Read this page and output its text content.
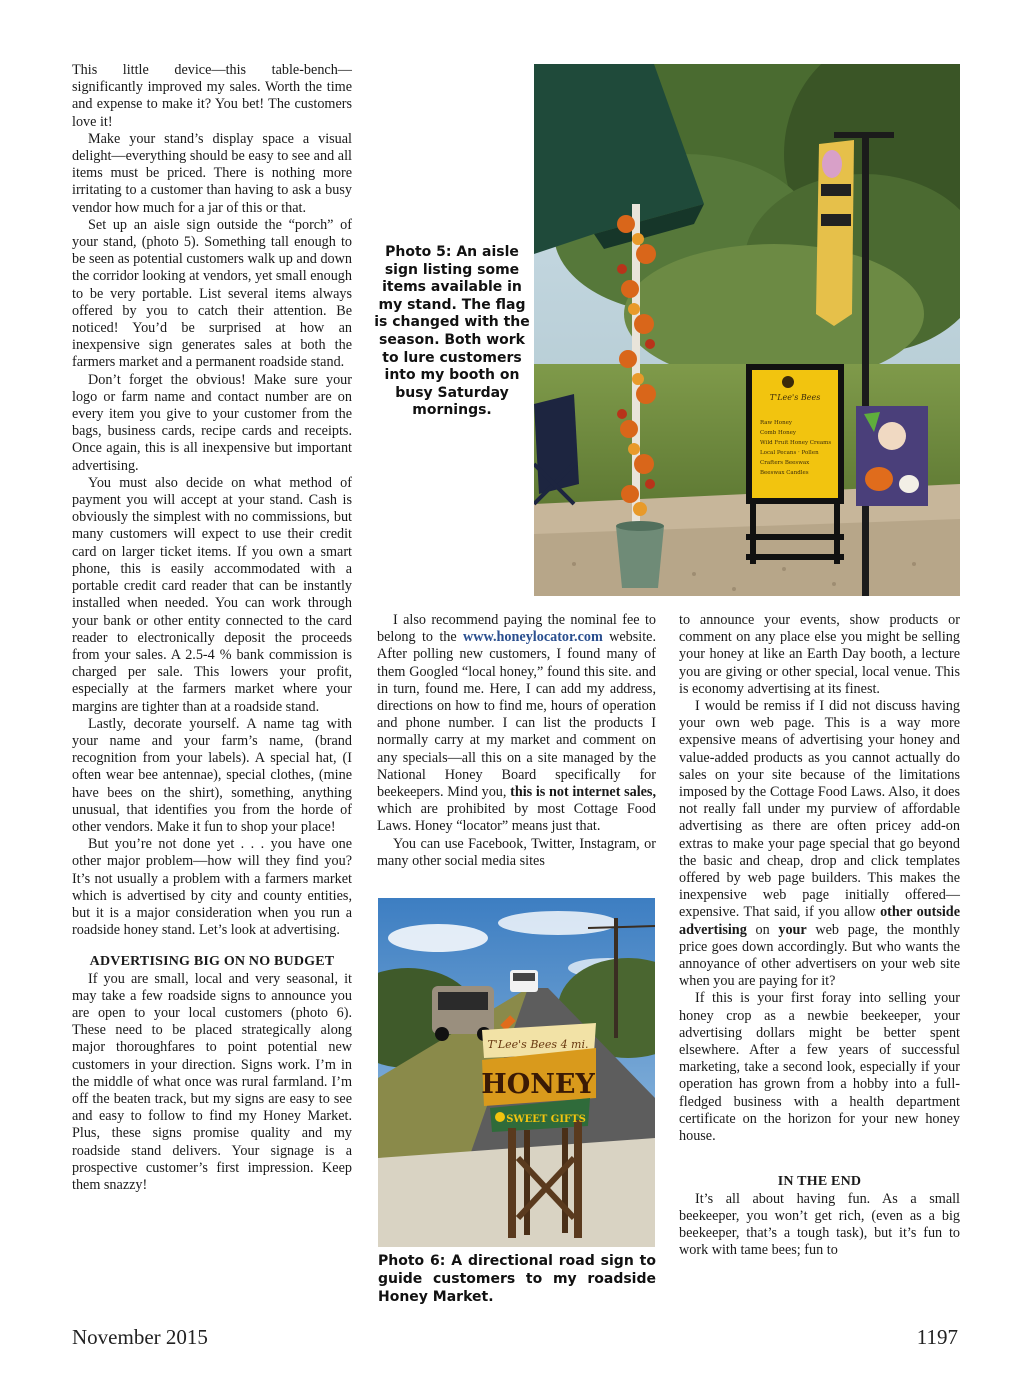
This little device—this table-bench—significantly improved my sales. Worth the time and expense to make it? You bet! The customers love it!

Make your stand’s display space a visual delight—everything should be easy to see and all items must be priced. There is nothing more irritating to a customer than having to ask a busy vendor how much for a jar of this or that.

Set up an aisle sign outside the “porch” of your stand, (photo 5). Something tall enough to be seen as potential customers walk up and down the corridor looking at vendors, yet small enough to be very portable. List several items always offered by you to catch their attention. Be noticed! You’d be surprised at how an inexpensive sign generates sales at both the farmers market and a permanent roadside stand.

Don’t forget the obvious! Make sure your logo or farm name and contact number are on every item you give to your customer from the bags, business cards, recipe cards and receipts. Once again, this is all inexpensive but important advertising.

You must also decide on what method of payment you will accept at your stand. Cash is obviously the simplest with no commissions, but many customers will expect to use their credit card on larger ticket items. If you own a smart phone, this is easily accommodated with a portable credit card reader that can be instantly installed when needed. You can work through your bank or other entity connected to the card reader to electronically deposit the proceeds from your sales. A 2.5-4 % bank commission is charged per sale. This lowers your profit, especially at the farmers market where your margins are tighter than at a roadside stand.

Lastly, decorate yourself. A name tag with your name and your farm’s name, (brand recognition from your labels). A special hat, (I often wear bee antennae), special clothes, (mine have bees on the shirt), something, anything unusual, that identifies you from the horde of other vendors. Make it fun to shop your place!

But you’re not done yet . . . you have one other major problem—how will they find you? It’s not usually a problem with a farmers market which is advertised by city and county entities, but it is a major consideration when you run a roadside honey stand. Let’s look at advertising.

ADVERTISING BIG ON NO BUDGET

If you are small, local and very seasonal, it may take a few roadside signs to announce you are open to your local customers (photo 6). These need to be placed strategically along major thoroughfares to point potential new customers in your direction. Signs work. I’m in the middle of what once was rural farmland. I’m off the beaten track, but my signs are easy to see and easy to follow to find my Honey Market. Plus, these signs promise quality and my roadside stand delivers. Your signage is a prospective customer’s first impression. Keep them snazzy!

Photo 5: An aisle sign listing some items available in my stand. The flag is changed with the season. Both work to lure customers into my booth on busy Saturday mornings.
T'Lee's Bees
Raw Honey
Comb Honey
Wild Fruit Honey Creams
Local Pecans · Pollen
Crafters Beeswax
Beeswax Candles

I also recommend paying the nominal fee to belong to the www.honeylocator.com website. After polling new customers, I found many of them Googled “local honey,” found this site. and in turn, found me. Here, I can add my address, directions on how to find me, hours of operation and phone number. I can list the products I normally carry at my market and comment on any specials—all this on a site managed by the National Honey Board specifically for beekeepers. Mind you, this is not internet sales, which are prohibited by most Cottage Food Laws. Honey “locator” means just that.

You can use Facebook, Twitter, Instagram, or many other social media sites

T'Lee's Bees 4 mi.
HONEY
SWEET GIFTS
Photo 6: A directional road sign to guide customers to my roadside Honey Market.

to announce your events, show products or comment on any place else you might be selling your honey at like an Earth Day booth, a lecture you are giving or other special, local venue. This is economy advertising at its finest.

I would be remiss if I did not discuss having your own web page. This is a way more expensive means of advertising your honey and value-added products as you cannot actually do sales on your site because of the limitations imposed by the Cottage Food Laws. Also, it does not really fall under my purview of affordable advertising as there are often pricey add-on extras to make your page special that go beyond the basic and cheap, drop and click templates offered by web page builders. This makes the inexpensive web page initially offered—expensive. That said, if you allow other outside advertising on your web page, the monthly price goes down accordingly. But who wants the annoyance of other advertisers on your web site when you are paying for it?

If this is your first foray into selling your honey crop as a newbie beekeeper, your advertising dollars might be better spent elsewhere. After a few years of successful marketing, take a second look, especially if your operation has grown from a hobby into a full-fledged business with a health department certificate on the horizon for your new honey house.

IN THE END

It’s all about having fun. As a small beekeeper, you won’t get rich, (even as a big beekeeper, that’s a tough task), but it’s fun to work with tame bees; fun to

November 2015	1197
